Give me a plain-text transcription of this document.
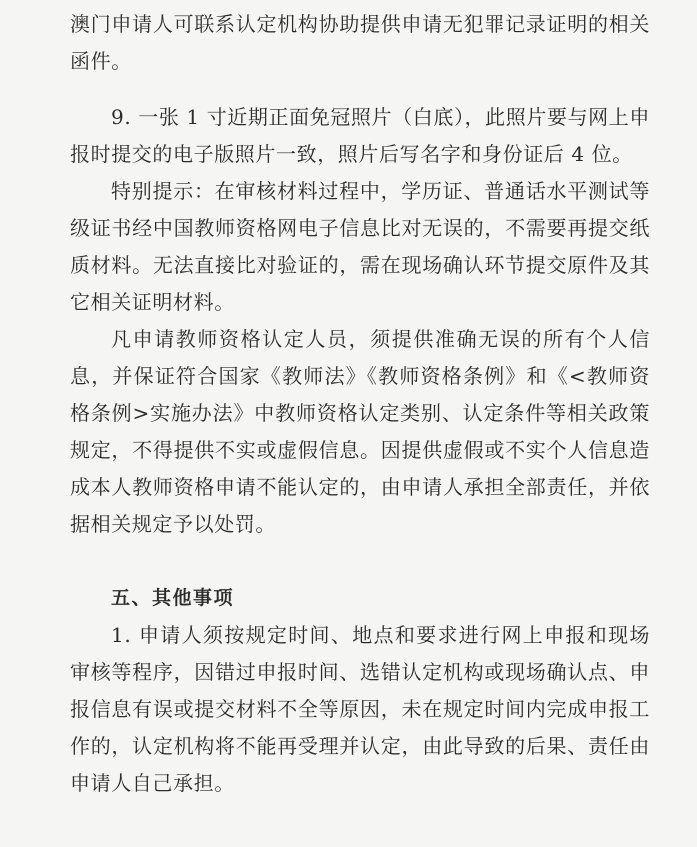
澳门申请人可联系认定机构协助提供申请无犯罪记录证明的相关函件。

9. 一张 1 寸近期正面免冠照片（白底），此照片要与网上申报时提交的电子版照片一致，照片后写名字和身份证后 4 位。

特别提示：在审核材料过程中，学历证、普通话水平测试等级证书经中国教师资格网电子信息比对无误的，不需要再提交纸质材料。无法直接比对验证的，需在现场确认环节提交原件及其它相关证明材料。

凡申请教师资格认定人员，须提供准确无误的所有个人信息，并保证符合国家《教师法》《教师资格条例》和《<教师资格条例>实施办法》中教师资格认定类别、认定条件等相关政策规定，不得提供不实或虚假信息。因提供虚假或不实个人信息造成本人教师资格申请不能认定的，由申请人承担全部责任，并依据相关规定予以处罚。

五、其他事项

1. 申请人须按规定时间、地点和要求进行网上申报和现场审核等程序，因错过申报时间、选错认定机构或现场确认点、申报信息有误或提交材料不全等原因，未在规定时间内完成申报工作的，认定机构将不能再受理并认定，由此导致的后果、责任由申请人自己承担。
